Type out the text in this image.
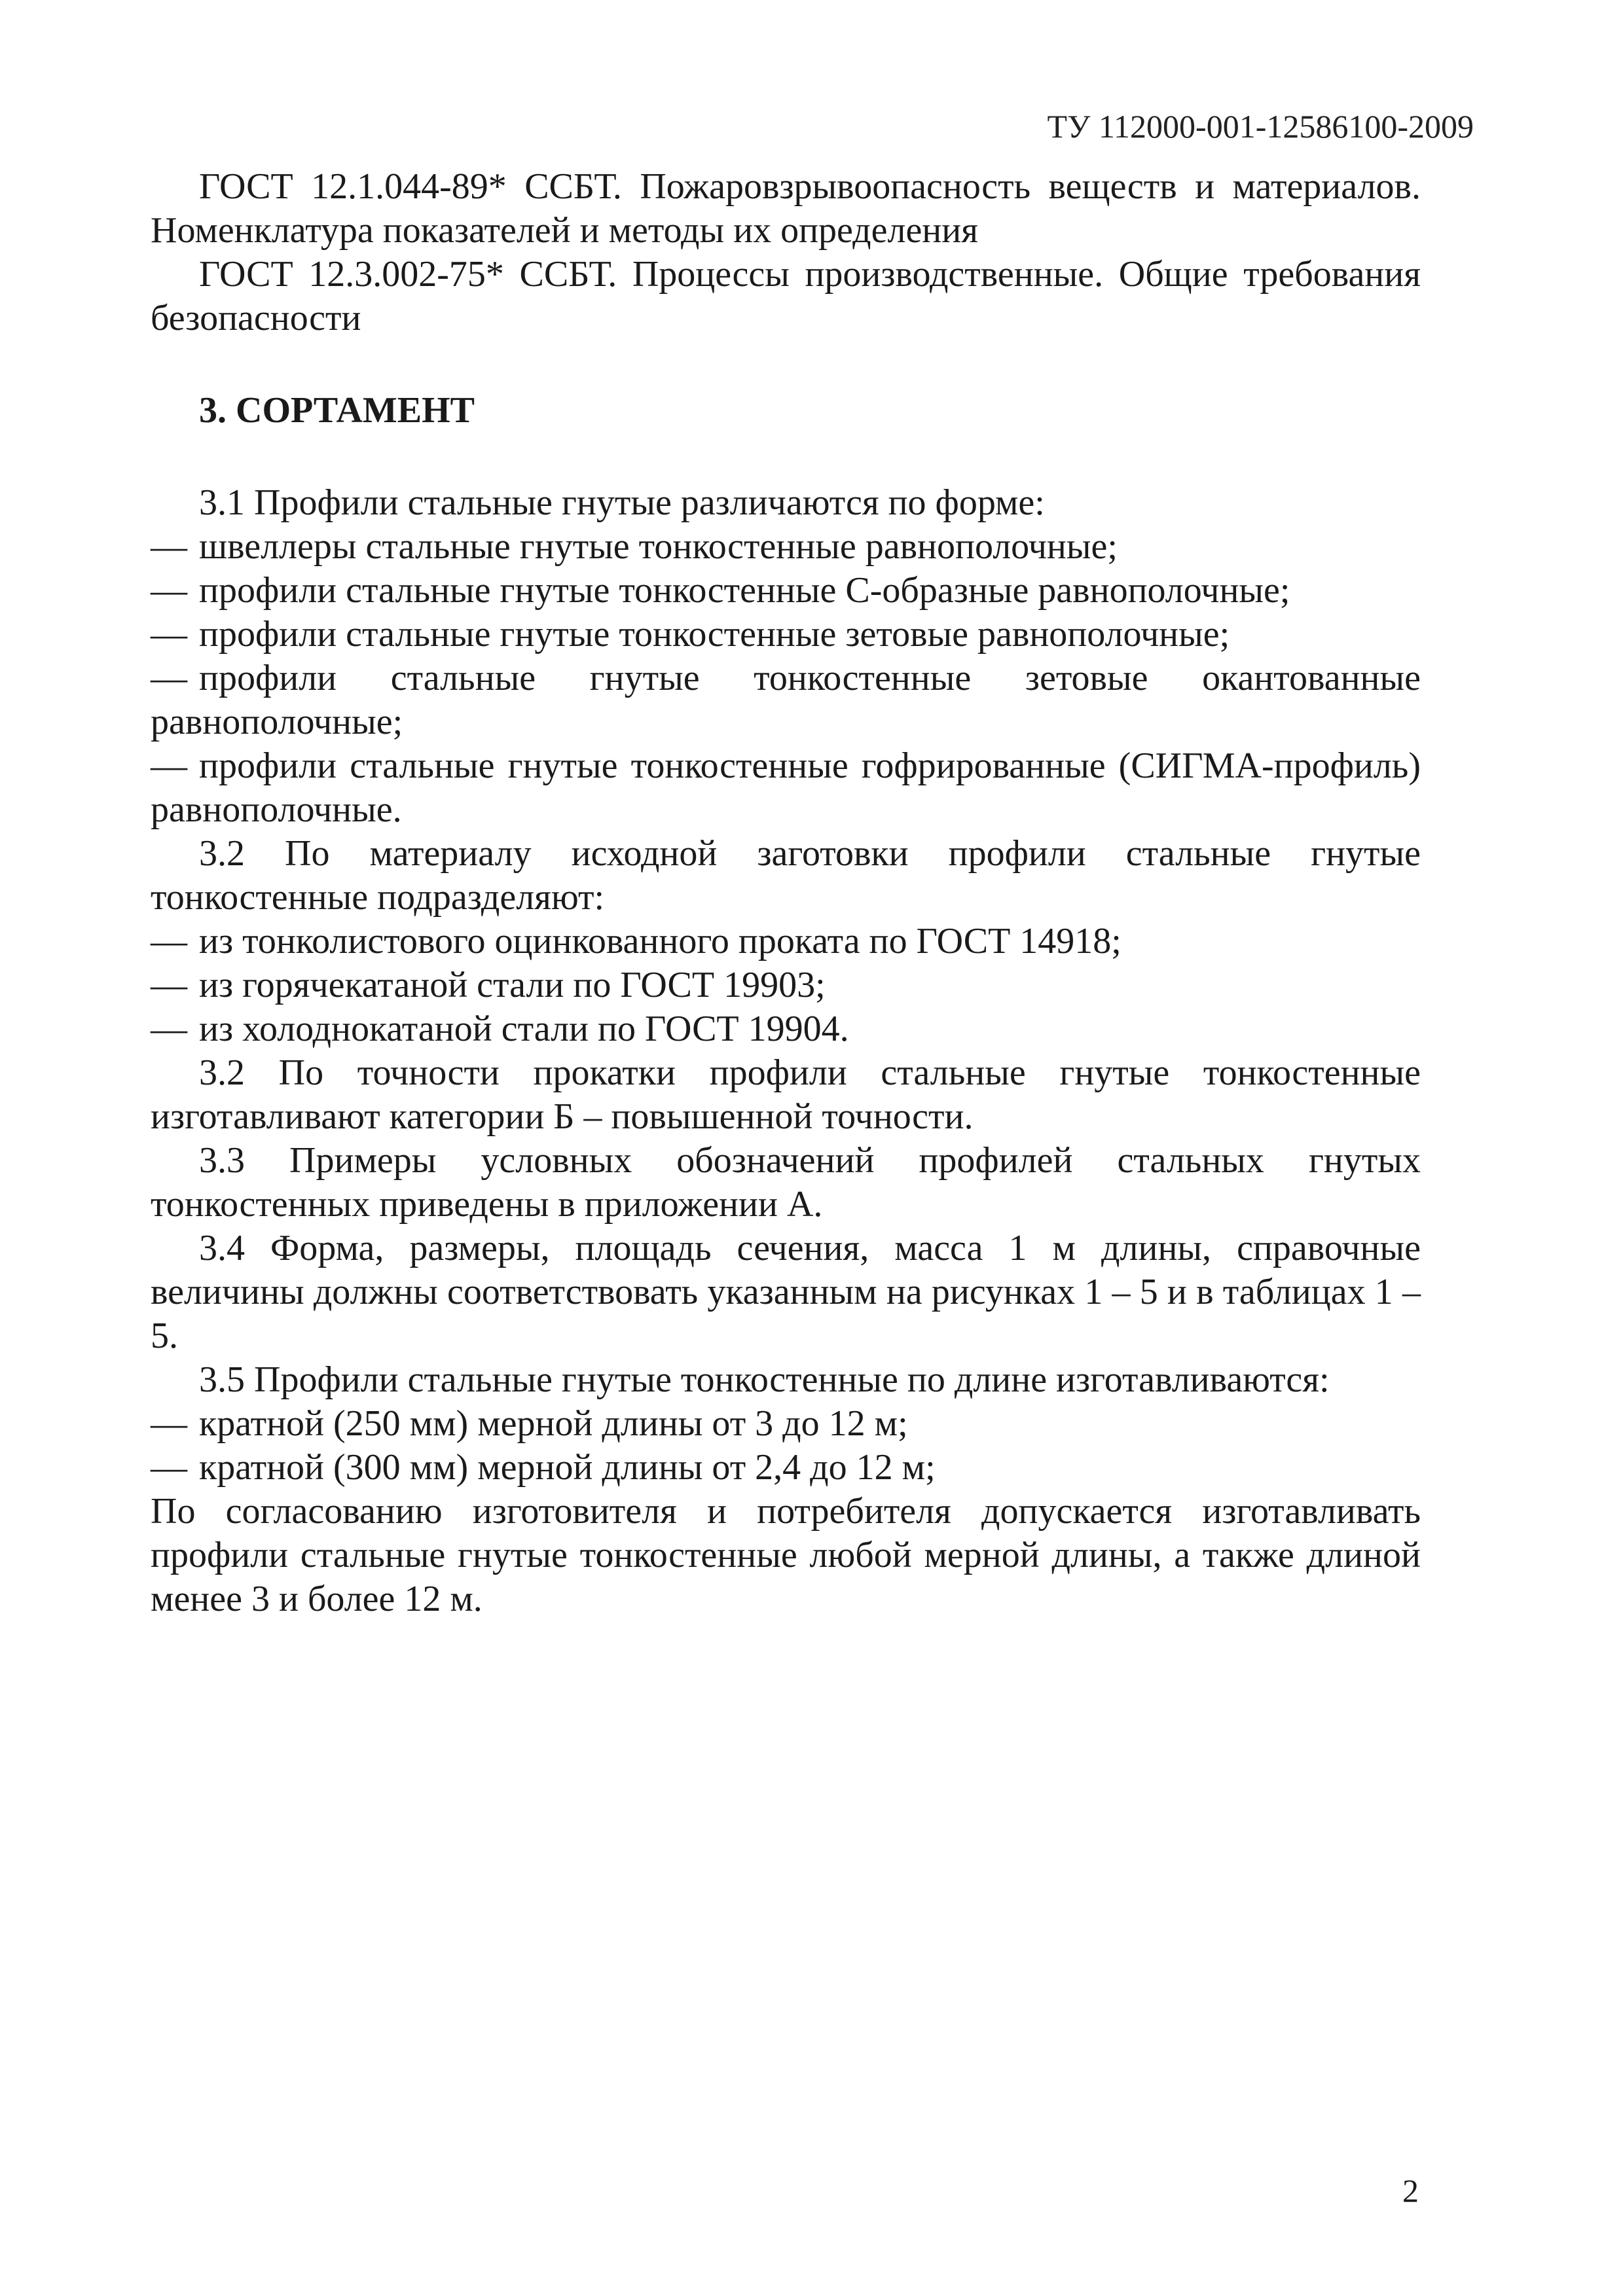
ТУ 112000-001-12586100-2009
ГОСТ 12.1.044-89* ССБТ. Пожаровзрывоопасность веществ и материалов. Номенклатура показателей и методы их определения
ГОСТ 12.3.002-75* ССБТ. Процессы производственные. Общие требования безопасности
3. СОРТАМЕНТ
3.1 Профили стальные гнутые различаются по форме:
— швеллеры стальные гнутые тонкостенные равнополочные;
— профили стальные гнутые тонкостенные С-образные равнополочные;
— профили стальные гнутые тонкостенные зетовые равнополочные;
— профили стальные гнутые тонкостенные зетовые окантованные равнополочные;
— профили стальные гнутые тонкостенные гофрированные (СИГМА-профиль) равнополочные.
3.2 По материалу исходной заготовки профили стальные гнутые тонкостенные подразделяют:
— из тонколистового оцинкованного проката по ГОСТ 14918;
— из горячекатаной стали по ГОСТ 19903;
— из холоднокатаной стали по ГОСТ 19904.
3.2 По точности прокатки профили стальные гнутые тонкостенные изготавливают категории Б – повышенной точности.
3.3 Примеры условных обозначений профилей стальных гнутых тонкостенных приведены в приложении А.
3.4 Форма, размеры, площадь сечения, масса 1 м длины, справочные величины должны соответствовать указанным на рисунках 1 – 5 и в таблицах 1 – 5.
3.5 Профили стальные гнутые тонкостенные по длине изготавливаются:
— кратной (250 мм) мерной длины от 3 до 12 м;
— кратной (300 мм) мерной длины от 2,4 до 12 м;
По согласованию изготовителя и потребителя допускается изготавливать профили стальные гнутые тонкостенные любой мерной длины, а также длиной менее 3 и более 12 м.
2
